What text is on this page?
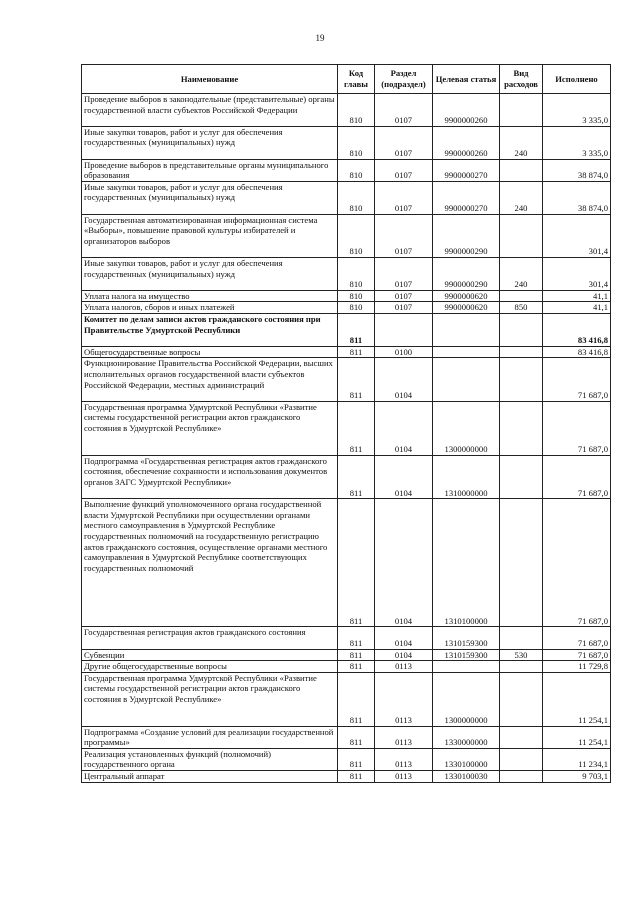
19
Наименование	Код главы	Раздел (подраздел)	Целевая статья	Вид расходов	Исполнено
Проведение выборов в законодательные (представительные) органы государственной власти субъектов Российской Федерации	810	0107	9900000260		3 335,0
Иные закупки товаров, работ и услуг для обеспечения государственных (муниципальных) нужд	810	0107	9900000260	240	3 335,0
Проведение выборов в представительные органы муниципального образования	810	0107	9900000270		38 874,0
Иные закупки товаров, работ и услуг для обеспечения государственных (муниципальных) нужд	810	0107	9900000270	240	38 874,0
Государственная автоматизированная информационная система «Выборы», повышение правовой культуры избирателей и организаторов выборов	810	0107	9900000290		301,4
Иные закупки товаров, работ и услуг для обеспечения государственных (муниципальных) нужд	810	0107	9900000290	240	301,4
Уплата налога на имущество	810	0107	9900000620		41,1
Уплата налогов, сборов и иных платежей	810	0107	9900000620	850	41,1
Комитет по делам записи актов гражданского состояния при Правительстве Удмуртской Республики	811				83 416,8
Общегосударственные вопросы	811	0100			83 416,8
Функционирование Правительства Российской Федерации, высших исполнительных органов государственной власти субъектов Российской Федерации, местных администраций	811	0104			71 687,0
Государственная программа Удмуртской Республики «Развитие системы государственной регистрации актов гражданского состояния в Удмуртской Республике»	811	0104	1300000000		71 687,0
Подпрограмма «Государственная регистрация актов гражданского состояния, обеспечение сохранности и использования документов органов ЗАГС Удмуртской Республики»	811	0104	1310000000		71 687,0
Выполнение функций уполномоченного органа государственной власти Удмуртской Республики при осуществлении органами местного самоуправления в Удмуртской Республике государственных полномочий на государственную регистрацию актов гражданского состояния, осуществление органами местного самоуправления в Удмуртской Республике соответствующих государственных полномочий	811	0104	1310100000		71 687,0
Государственная регистрация актов гражданского состояния	811	0104	1310159300		71 687,0
Субвенции	811	0104	1310159300	530	71 687,0
Другие общегосударственные вопросы	811	0113			11 729,8
Государственная программа Удмуртской Республики «Развитие системы государственной регистрации актов гражданского состояния в Удмуртской Республике»	811	0113	1300000000		11 254,1
Подпрограмма «Создание условий для реализации государственной программы»	811	0113	1330000000		11 254,1
Реализация установленных функций (полномочий) государственного органа	811	0113	1330100000		11 234,1
Центральный аппарат	811	0113	1330100030		9 703,1
